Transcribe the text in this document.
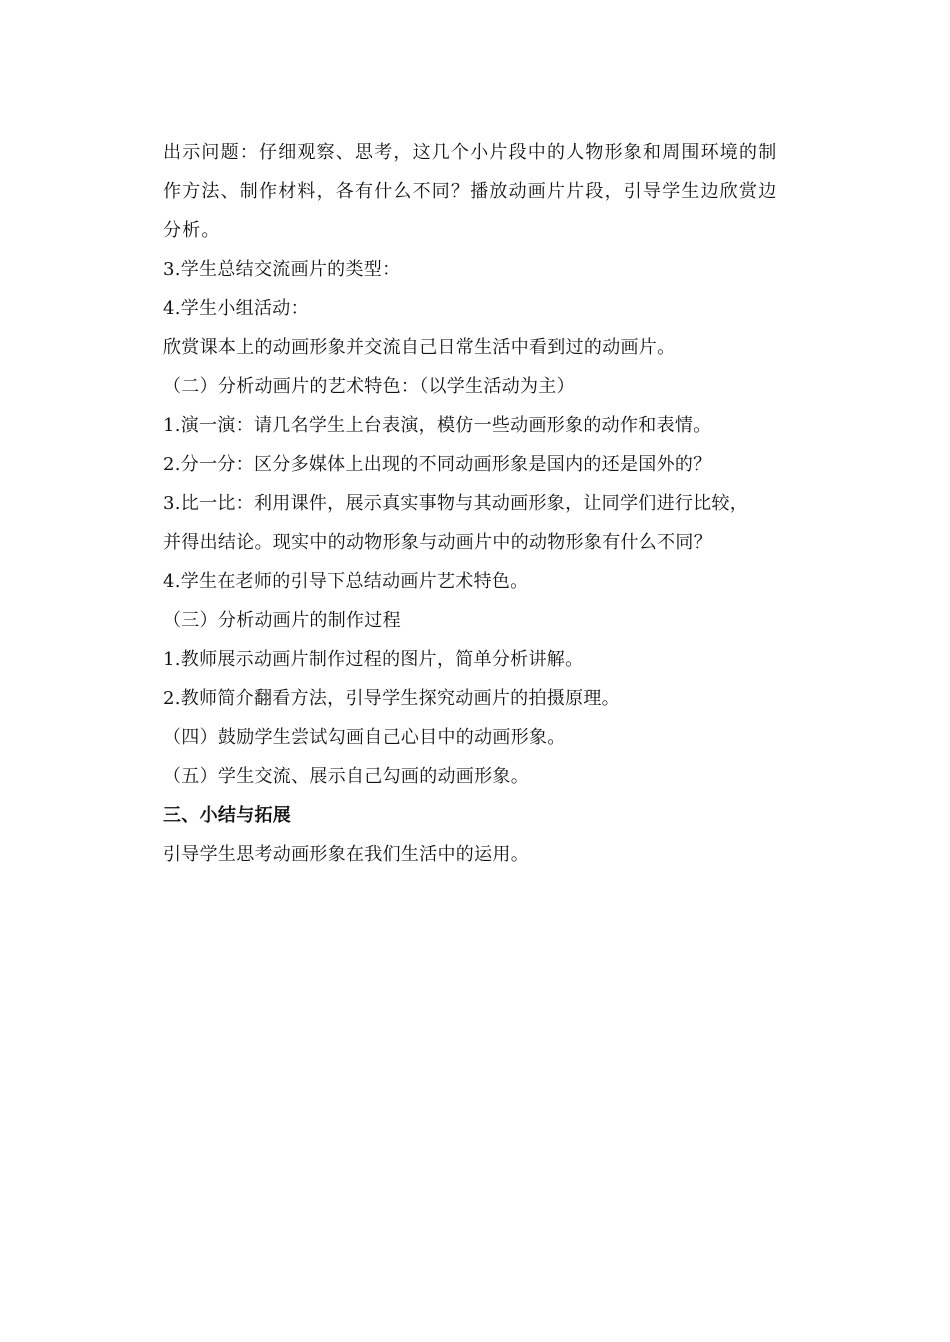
出示问题：仔细观察、思考，这几个小片段中的人物形象和周围环境的制
作方法、制作材料，各有什么不同？播放动画片片段，引导学生边欣赏边
分析。
3.学生总结交流画片的类型：
4.学生小组活动：
欣赏课本上的动画形象并交流自己日常生活中看到过的动画片。
（二）分析动画片的艺术特色：（以学生活动为主）
1.演一演：请几名学生上台表演，模仿一些动画形象的动作和表情。
2.分一分：区分多媒体上出现的不同动画形象是国内的还是国外的？
3.比一比：利用课件，展示真实事物与其动画形象，让同学们进行比较，
并得出结论。现实中的动物形象与动画片中的动物形象有什么不同？
4.学生在老师的引导下总结动画片艺术特色。
（三）分析动画片的制作过程
1.教师展示动画片制作过程的图片，简单分析讲解。
2.教师简介翻看方法，引导学生探究动画片的拍摄原理。
（四）鼓励学生尝试勾画自己心目中的动画形象。
（五）学生交流、展示自己勾画的动画形象。
三、小结与拓展
引导学生思考动画形象在我们生活中的运用。
